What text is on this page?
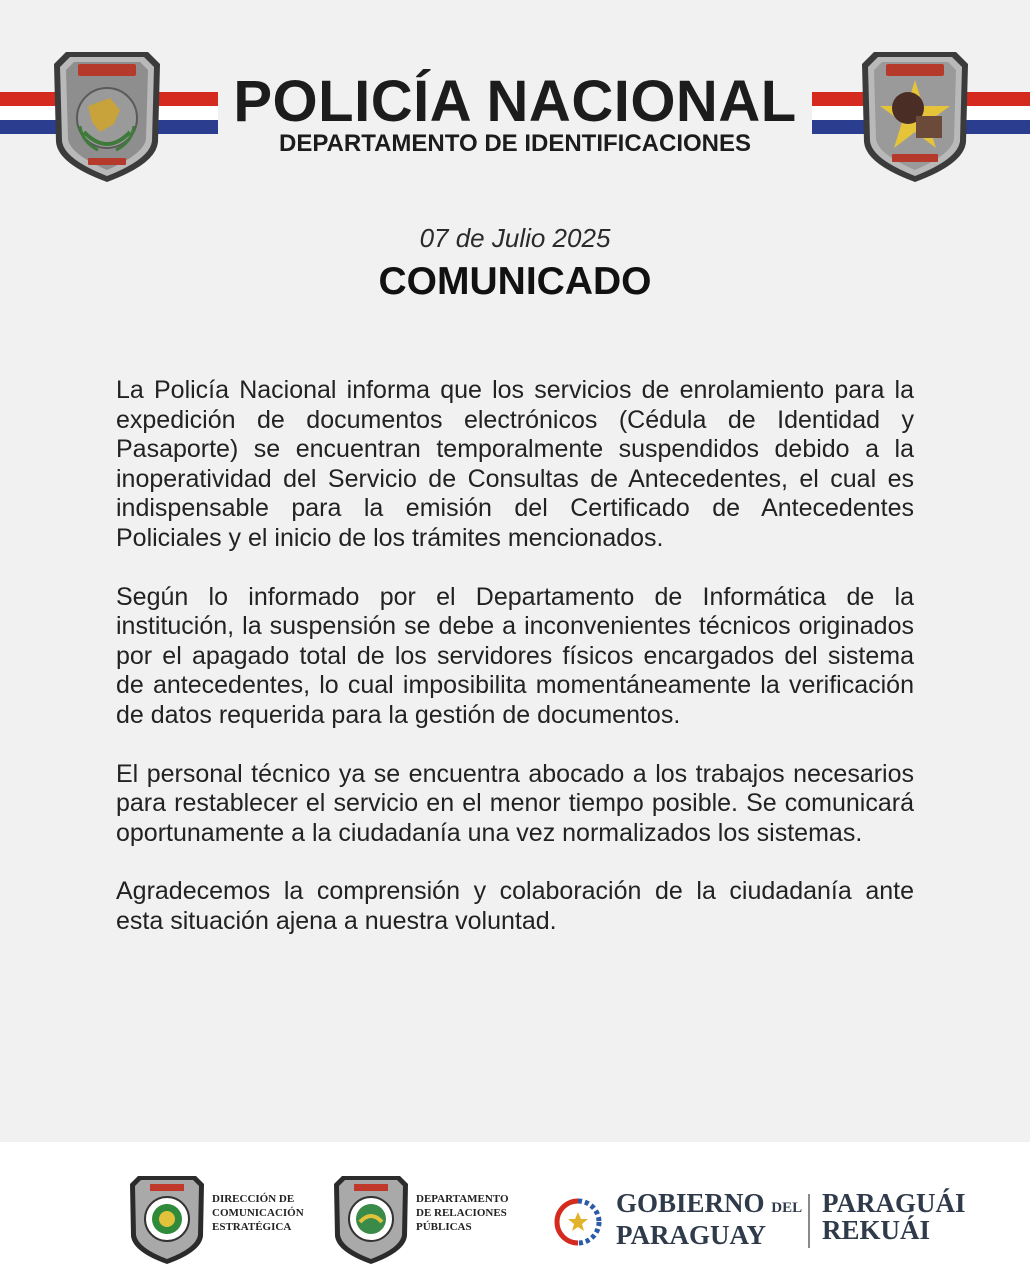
POLICÍA NACIONAL
DEPARTAMENTO DE IDENTIFICACIONES
07 de Julio 2025
COMUNICADO

La Policía Nacional informa que los servicios de enrolamiento para la expedición de documentos electrónicos (Cédula de Identidad y Pasaporte) se encuentran temporalmente suspendidos debido a la inoperatividad del Servicio de Consultas de Antecedentes, el cual es indispensable para la emisión del Certificado de Antecedentes Policiales y el inicio de los trámites mencionados.

Según lo informado por el Departamento de Informática de la institución, la suspensión se debe a inconvenientes técnicos originados por el apagado total de los servidores físicos encargados del sistema de antecedentes, lo cual imposibilita momentáneamente la verificación de datos requerida para la gestión de documentos.

El personal técnico ya se encuentra abocado a los trabajos necesarios para restablecer el servicio en el menor tiempo posible. Se comunicará oportunamente a la ciudadanía una vez normalizados los sistemas.

Agradecemos la comprensión y colaboración de la ciudadanía ante esta situación ajena a nuestra voluntad.

DIRECCIÓN DE
COMUNICACIÓN
ESTRATÉGICA
DEPARTAMENTO
DE RELACIONES
PÚBLICAS
GOBIERNO DEL
PARAGUAY
PARAGUÁI
REKUÁI
